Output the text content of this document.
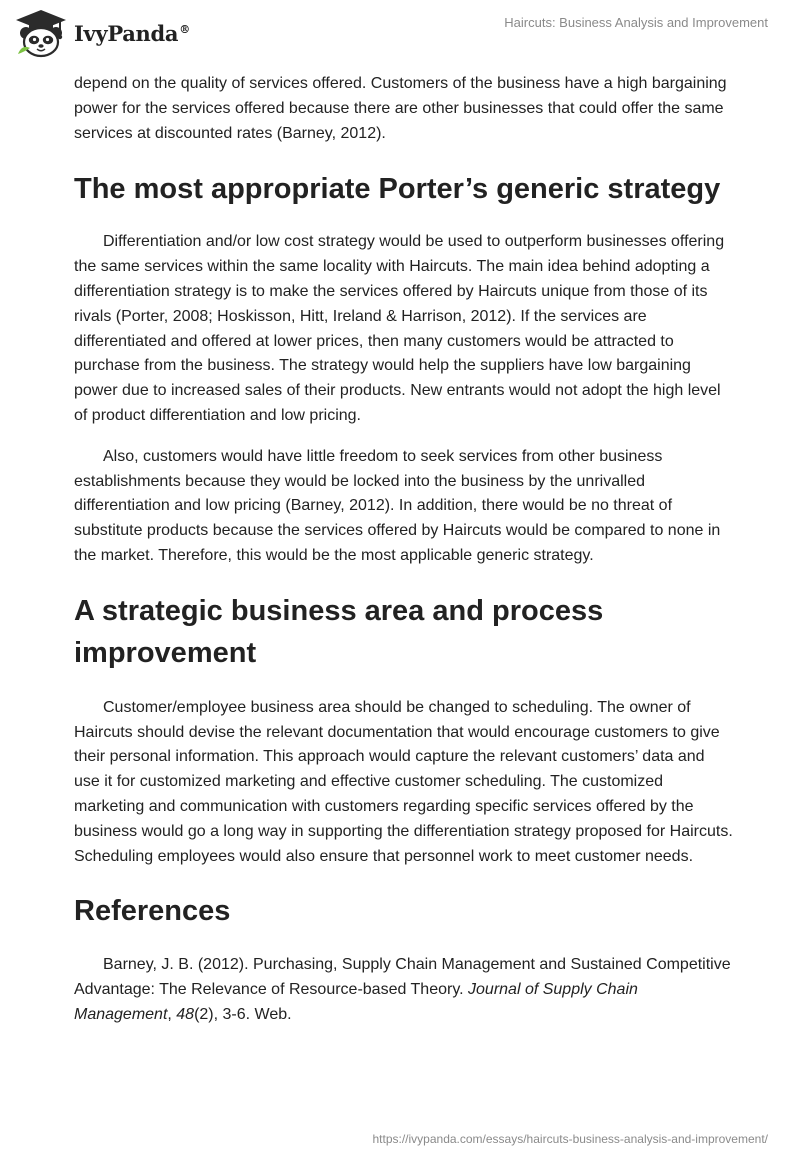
IvyPanda®	Haircuts: Business Analysis and Improvement

depend on the quality of services offered. Customers of the business have a high bargaining power for the services offered because there are other businesses that could offer the same services at discounted rates (Barney, 2012).

The most appropriate Porter’s generic strategy

Differentiation and/or low cost strategy would be used to outperform businesses offering the same services within the same locality with Haircuts. The main idea behind adopting a differentiation strategy is to make the services offered by Haircuts unique from those of its rivals (Porter, 2008; Hoskisson, Hitt, Ireland & Harrison, 2012). If the services are differentiated and offered at lower prices, then many customers would be attracted to purchase from the business. The strategy would help the suppliers have low bargaining power due to increased sales of their products. New entrants would not adopt the high level of product differentiation and low pricing.

Also, customers would have little freedom to seek services from other business establishments because they would be locked into the business by the unrivalled differentiation and low pricing (Barney, 2012). In addition, there would be no threat of substitute products because the services offered by Haircuts would be compared to none in the market. Therefore, this would be the most applicable generic strategy.

A strategic business area and process improvement

Customer/employee business area should be changed to scheduling. The owner of Haircuts should devise the relevant documentation that would encourage customers to give their personal information. This approach would capture the relevant customers’ data and use it for customized marketing and effective customer scheduling. The customized marketing and communication with customers regarding specific services offered by the business would go a long way in supporting the differentiation strategy proposed for Haircuts. Scheduling employees would also ensure that personnel work to meet customer needs.

References

Barney, J. B. (2012). Purchasing, Supply Chain Management and Sustained Competitive Advantage: The Relevance of Resource-based Theory. Journal of Supply Chain Management, 48(2), 3-6. Web.

https://ivypanda.com/essays/haircuts-business-analysis-and-improvement/
